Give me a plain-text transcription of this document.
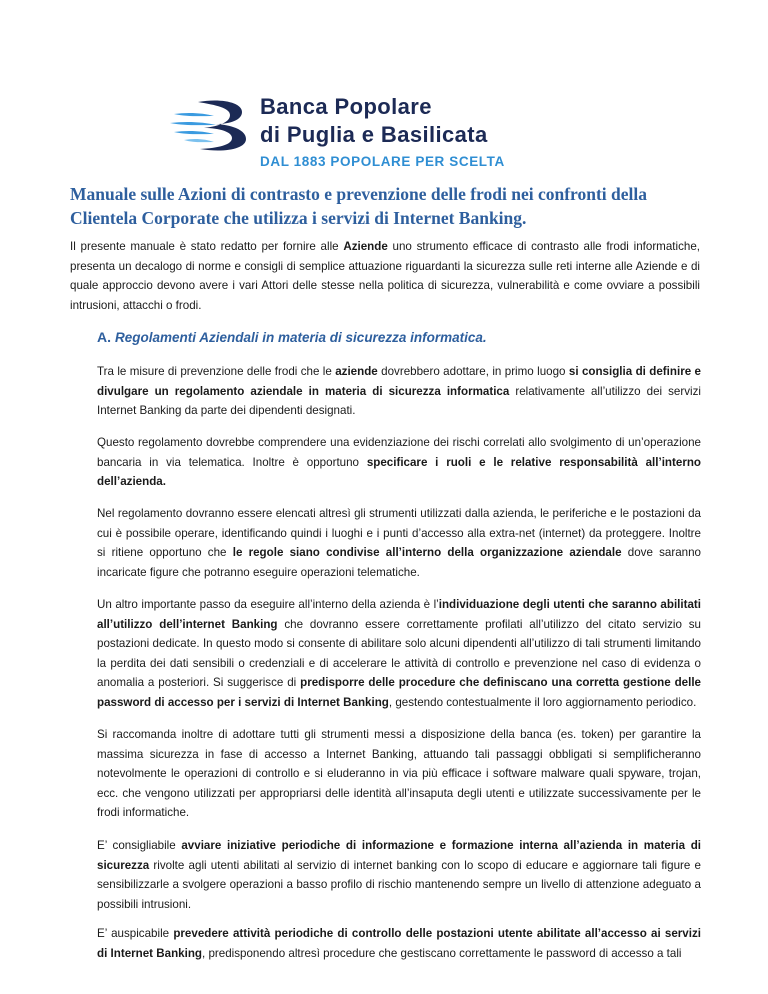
Banca Popolare
di Puglia e Basilicata
DAL 1883 POPOLARE PER SCELTA
Manuale sulle Azioni di contrasto e prevenzione delle frodi nei confronti della Clientela Corporate che utilizza i servizi di Internet Banking.

Il presente manuale è stato redatto per fornire alle Aziende uno strumento efficace di contrasto alle frodi informatiche, presenta un decalogo di norme e consigli di semplice attuazione riguardanti la sicurezza sulle reti interne alle Aziende e di quale approccio devono avere i vari Attori delle stesse nella politica di sicurezza, vulnerabilità e come ovviare a possibili intrusioni, attacchi o frodi.

A. Regolamenti Aziendali in materia di sicurezza informatica.

Tra le misure di prevenzione delle frodi che le aziende dovrebbero adottare, in primo luogo si consiglia di definire e divulgare un regolamento aziendale in materia di sicurezza informatica relativamente all’utilizzo dei servizi Internet Banking da parte dei dipendenti designati.

Questo regolamento dovrebbe comprendere una evidenziazione dei rischi correlati allo svolgimento di un’operazione bancaria in via telematica. Inoltre è opportuno specificare i ruoli e le relative responsabilità all’interno dell’azienda.

Nel regolamento dovranno essere elencati altresì gli strumenti utilizzati dalla azienda, le periferiche e le postazioni da cui è possibile operare, identificando quindi i luoghi e i punti d’accesso alla extra-net (internet) da proteggere. Inoltre si ritiene opportuno che le regole siano condivise all’interno della organizzazione aziendale dove saranno incaricate figure che potranno eseguire operazioni telematiche.

Un altro importante passo da eseguire all’interno della azienda è l’individuazione degli utenti che saranno abilitati all’utilizzo dell’internet Banking che dovranno essere correttamente profilati all’utilizzo del citato servizio su postazioni dedicate. In questo modo si consente di abilitare solo alcuni dipendenti all’utilizzo di tali strumenti limitando la perdita dei dati sensibili o credenziali e di accelerare le attività di controllo e prevenzione nel caso di evidenza o anomalia a posteriori. Si suggerisce di predisporre delle procedure che definiscano una corretta gestione delle password di accesso per i servizi di Internet Banking, gestendo contestualmente il loro aggiornamento periodico.

Si raccomanda inoltre di adottare tutti gli strumenti messi a disposizione della banca (es. token) per garantire la massima sicurezza in fase di accesso a Internet Banking, attuando tali passaggi obbligati si semplificheranno notevolmente le operazioni di controllo e si eluderanno in via più efficace i software malware quali spyware, trojan, ecc. che vengono utilizzati per appropriarsi delle identità all’insaputa degli utenti e utilizzate successivamente per le frodi informatiche.

E’ consigliabile avviare iniziative periodiche di informazione e formazione interna all’azienda in materia di sicurezza rivolte agli utenti abilitati al servizio di internet banking con lo scopo di educare e aggiornare tali figure e sensibilizzarle a svolgere operazioni a basso profilo di rischio mantenendo sempre un livello di attenzione adeguato a possibili intrusioni.

E’ auspicabile prevedere attività periodiche di controllo delle postazioni utente abilitate all’accesso ai servizi di Internet Banking, predisponendo altresì procedure che gestiscano correttamente le password di accesso a tali
